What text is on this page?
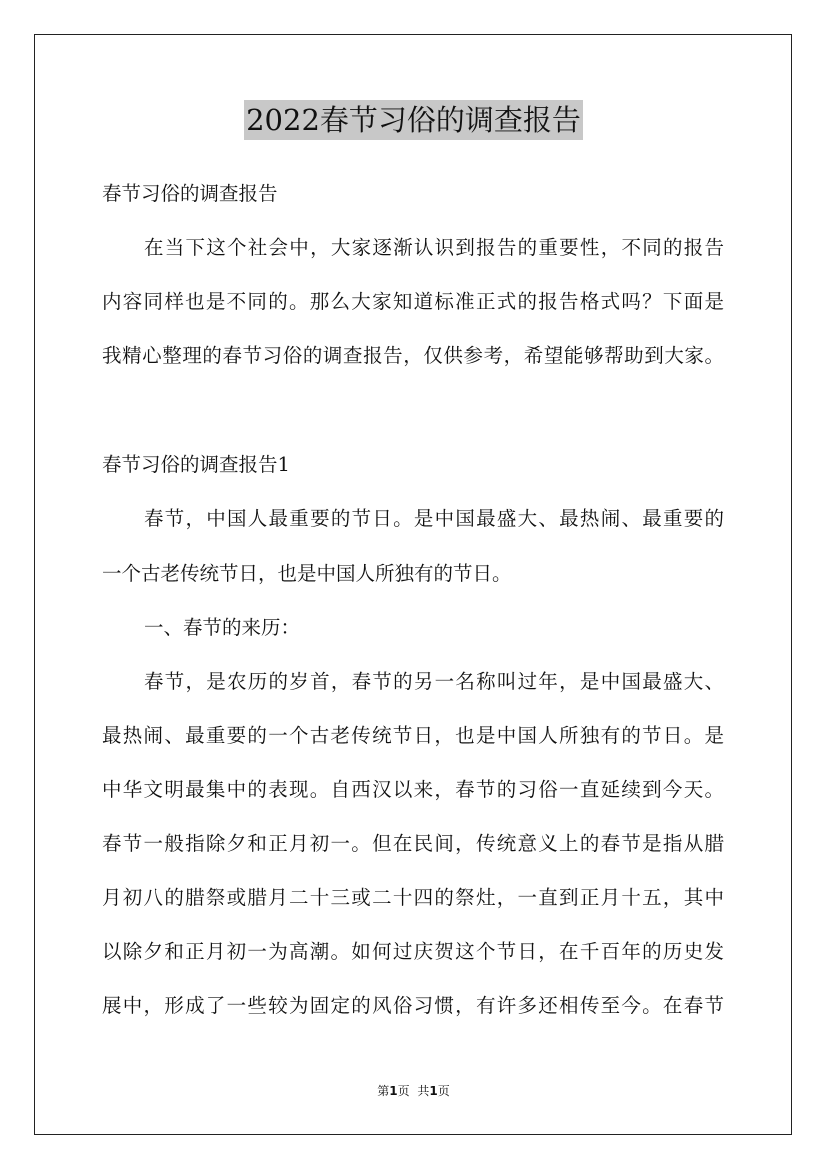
2022春节习俗的调查报告
春节习俗的调查报告
在当下这个社会中，大家逐渐认识到报告的重要性，不同的报告
内容同样也是不同的。那么大家知道标准正式的报告格式吗？下面是
我精心整理的春节习俗的调查报告，仅供参考，希望能够帮助到大家。
春节习俗的调查报告1
春节，中国人最重要的节日。是中国最盛大、最热闹、最重要的
一个古老传统节日，也是中国人所独有的节日。
一、春节的来历：
春节，是农历的岁首，春节的另一名称叫过年，是中国最盛大、
最热闹、最重要的一个古老传统节日，也是中国人所独有的节日。是
中华文明最集中的表现。自西汉以来，春节的习俗一直延续到今天。
春节一般指除夕和正月初一。但在民间，传统意义上的春节是指从腊
月初八的腊祭或腊月二十三或二十四的祭灶，一直到正月十五，其中
以除夕和正月初一为高潮。如何过庆贺这个节日，在千百年的历史发
展中，形成了一些较为固定的风俗习惯，有许多还相传至今。在春节
第1页 共1页
